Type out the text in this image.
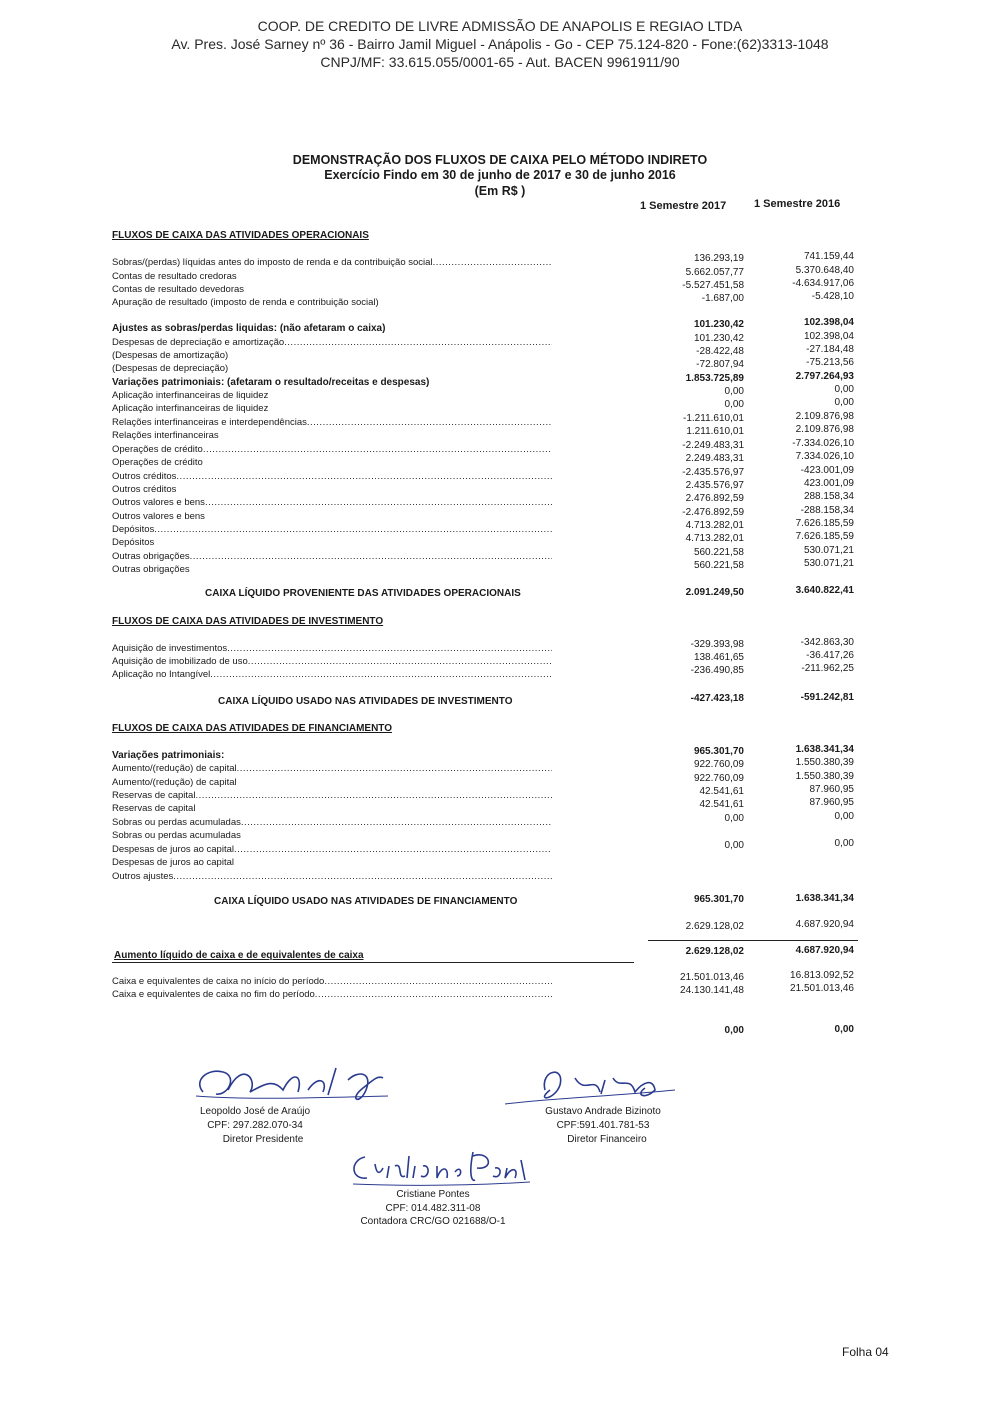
COOP. DE CREDITO DE LIVRE ADMISSÃO DE ANAPOLIS E REGIAO LTDA
Av. Pres. José Sarney nº 36 - Bairro Jamil Miguel - Anápolis - Go - CEP 75.124-820 - Fone:(62)3313-1048
CNPJ/MF: 33.615.055/0001-65 - Aut. BACEN 9961911/90
DEMONSTRAÇÃO DOS FLUXOS DE CAIXA PELO MÉTODO INDIRETO
Exercício Findo em 30 de junho de 2017 e 30 de junho 2016
(Em R$ )
1 Semestre 2017	1 Semestre 2016
FLUXOS DE CAIXA DAS ATIVIDADES OPERACIONAIS
Sobras/(perdas) líquidas antes do imposto de renda e da contribuição social .....	136.293,19	741.159,44
Contas de resultado credoras	5.662.057,77	5.370.648,40
Contas de resultado devedoras	-5.527.451,58	-4.634.917,06
Apuração de resultado (imposto de renda e contribuição social)	-1.687,00	-5.428,10
Ajustes as sobras/perdas liquidas: (não afetaram o caixa)	101.230,42	102.398,04
Despesas de depreciação e amortização .....	101.230,42	102.398,04
(Despesas de amortização)	-28.422,48	-27.184,48
(Despesas de depreciação)	-72.807,94	-75.213,56
Variações patrimoniais: (afetaram o resultado/receitas e despesas)	1.853.725,89	2.797.264,93
Aplicação interfinanceiras de liquidez	0,00	0,00
Aplicação interfinanceiras de liquidez	0,00	0,00
Relações interfinanceiras e interdependências .....	-1.211.610,01	2.109.876,98
Relações interfinanceiras	1.211.610,01	2.109.876,98
Operações de crédito .....	-2.249.483,31	-7.334.026,10
Operações de crédito	2.249.483,31	7.334.026,10
Outros créditos .....	-2.435.576,97	-423.001,09
Outros créditos	2.435.576,97	423.001,09
Outros valores e bens .....	2.476.892,59	288.158,34
Outros valores e bens	-2.476.892,59	-288.158,34
Depósitos .....	4.713.282,01	7.626.185,59
Depósitos	4.713.282,01	7.626.185,59
Outras obrigações .....	560.221,58	530.071,21
Outras obrigações	560.221,58	530.071,21
CAIXA LÍQUIDO PROVENIENTE DAS ATIVIDADES OPERACIONAIS	2.091.249,50	3.640.822,41
FLUXOS DE CAIXA DAS ATIVIDADES DE INVESTIMENTO
Aquisição de investimentos .....	-329.393,98	-342.863,30
Aquisição de imobilizado de uso .....	138.461,65	-36.417,26
Aplicação no Intangível .....	-236.490,85	-211.962,25
CAIXA LÍQUIDO USADO NAS ATIVIDADES DE INVESTIMENTO	-427.423,18	-591.242,81
FLUXOS DE CAIXA DAS ATIVIDADES DE FINANCIAMENTO
Variações patrimoniais:	965.301,70	1.638.341,34
Aumento/(redução) de capital .....	922.760,09	1.550.380,39
Aumento/(redução) de capital	922.760,09	1.550.380,39
Reservas de capital .....	42.541,61	87.960,95
Reservas de capital	42.541,61	87.960,95
Sobras ou perdas acumuladas .....	0,00	0,00
Sobras ou perdas acumuladas
Despesas de juros ao capital .....	0,00	0,00
Despesas de juros ao capital
Outros ajustes .....
CAIXA LÍQUIDO USADO NAS ATIVIDADES DE FINANCIAMENTO	965.301,70	1.638.341,34
2.629.128,02	4.687.920,94
Aumento líquido de caixa e de equivalentes de caixa	2.629.128,02	4.687.920,94
Caixa e equivalentes de caixa no início do período .....	21.501.013,46	16.813.092,52
Caixa e equivalentes de caixa no fim do período .....	24.130.141,48	21.501.013,46
0,00	0,00
Leopoldo José de Araújo
CPF: 297.282.070-34
Diretor Presidente
Gustavo Andrade Bizinoto
CPF:591.401.781-53
Diretor Financeiro
Cristiane Pontes
CPF: 014.482.311-08
Contadora CRC/GO 021688/O-1
Folha 04
